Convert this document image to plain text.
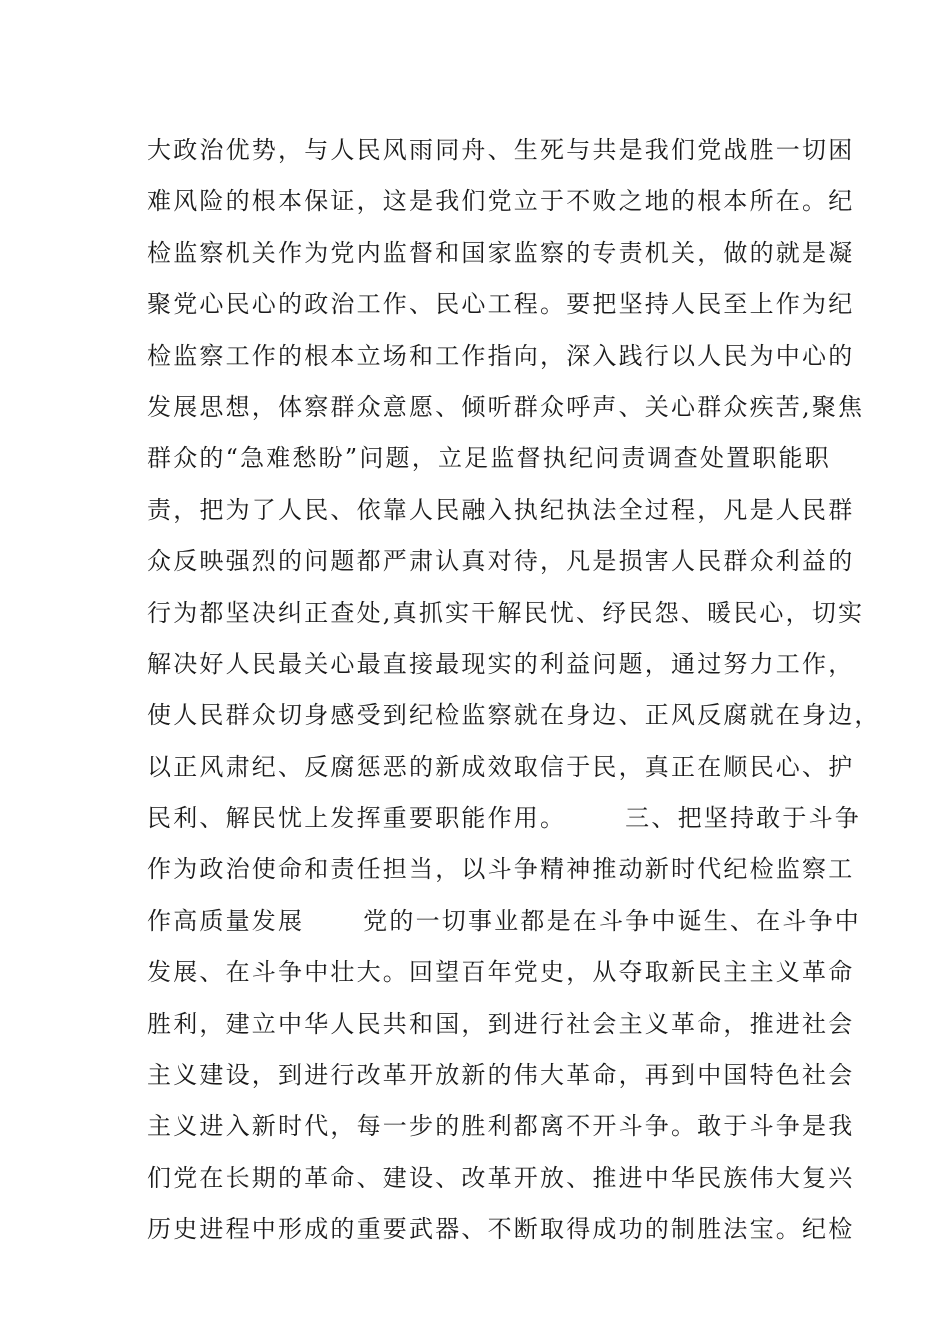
大政治优势，与人民风雨同舟、生死与共是我们党战胜一切困
难风险的根本保证，这是我们党立于不败之地的根本所在。纪
检监察机关作为党内监督和国家监察的专责机关，做的就是凝
聚党心民心的政治工作、民心工程。要把坚持人民至上作为纪
检监察工作的根本立场和工作指向，深入践行以人民为中心的
发展思想，体察群众意愿、倾听群众呼声、关心群众疾苦,聚焦
群众的“急难愁盼”问题，立足监督执纪问责调查处置职能职
责，把为了人民、依靠人民融入执纪执法全过程，凡是人民群
众反映强烈的问题都严肃认真对待，凡是损害人民群众利益的
行为都坚决纠正查处,真抓实干解民忧、纾民怨、暖民心，切实
解决好人民最关心最直接最现实的利益问题，通过努力工作，
使人民群众切身感受到纪检监察就在身边、正风反腐就在身边，
以正风肃纪、反腐惩恶的新成效取信于民，真正在顺民心、护
民利、解民忧上发挥重要职能作用。      三、把坚持敢于斗争
作为政治使命和责任担当，以斗争精神推动新时代纪检监察工
作高质量发展      党的一切事业都是在斗争中诞生、在斗争中
发展、在斗争中壮大。回望百年党史，从夺取新民主主义革命
胜利，建立中华人民共和国，到进行社会主义革命，推进社会
主义建设，到进行改革开放新的伟大革命，再到中国特色社会
主义进入新时代，每一步的胜利都离不开斗争。敢于斗争是我
们党在长期的革命、建设、改革开放、推进中华民族伟大复兴
历史进程中形成的重要武器、不断取得成功的制胜法宝。纪检
